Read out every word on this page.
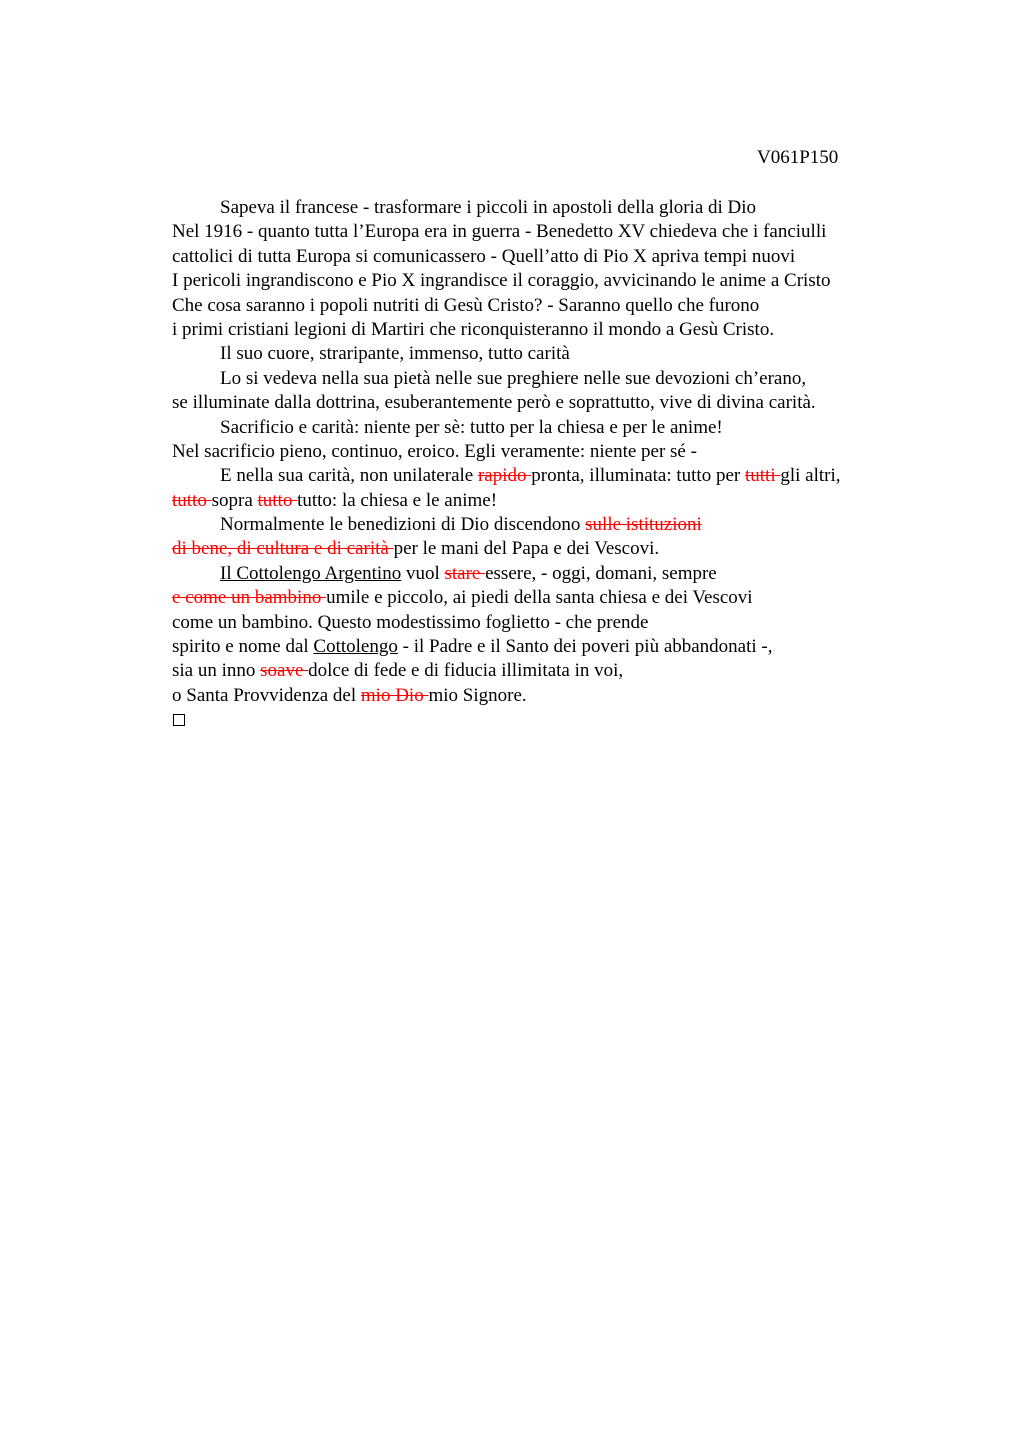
V061P150
Sapeva il francese - trasformare i piccoli in apostoli della gloria di Dio
Nel 1916 - quanto tutta l’Europa era in guerra - Benedetto XV chiedeva che i fanciulli
cattolici di tutta Europa si comunicassero - Quell’atto di Pio X apriva tempi nuovi
I pericoli ingrandiscono e Pio X ingrandisce il coraggio, avvicinando le anime a Cristo
Che cosa saranno i popoli nutriti di Gesù Cristo? - Saranno quello che furono
i primi cristiani legioni di Martiri che riconquisteranno il mondo a Gesù Cristo.
Il suo cuore, straripante, immenso, tutto carità
Lo si vedeva nella sua pietà nelle sue preghiere nelle sue devozioni ch’erano,
se illuminate dalla dottrina, esuberantemente però e soprattutto, vive di divina carità.
Sacrificio e carità: niente per sè: tutto per la chiesa e per le anime!
Nel sacrificio pieno, continuo, eroico. Egli veramente: niente per sé -
E nella sua carità, non unilaterale rapido pronta, illuminata: tutto per tutti gli altri,
tutto sopra tutto tutto: la chiesa e le anime!
Normalmente le benedizioni di Dio discendono sulle istituzioni
di bene, di cultura e di carità per le mani del Papa e dei Vescovi.
Il Cottolengo Argentino vuol stare essere, - oggi, domani, sempre
e come un bambino umile e piccolo, ai piedi della santa chiesa e dei Vescovi
come un bambino. Questo modestissimo foglietto - che prende
spirito e nome dal Cottolengo - il Padre e il Santo dei poveri più abbandonati -,
sia un inno soave dolce di fede e di fiducia illimitata in voi,
o Santa Provvidenza del mio Dio mio Signore.
